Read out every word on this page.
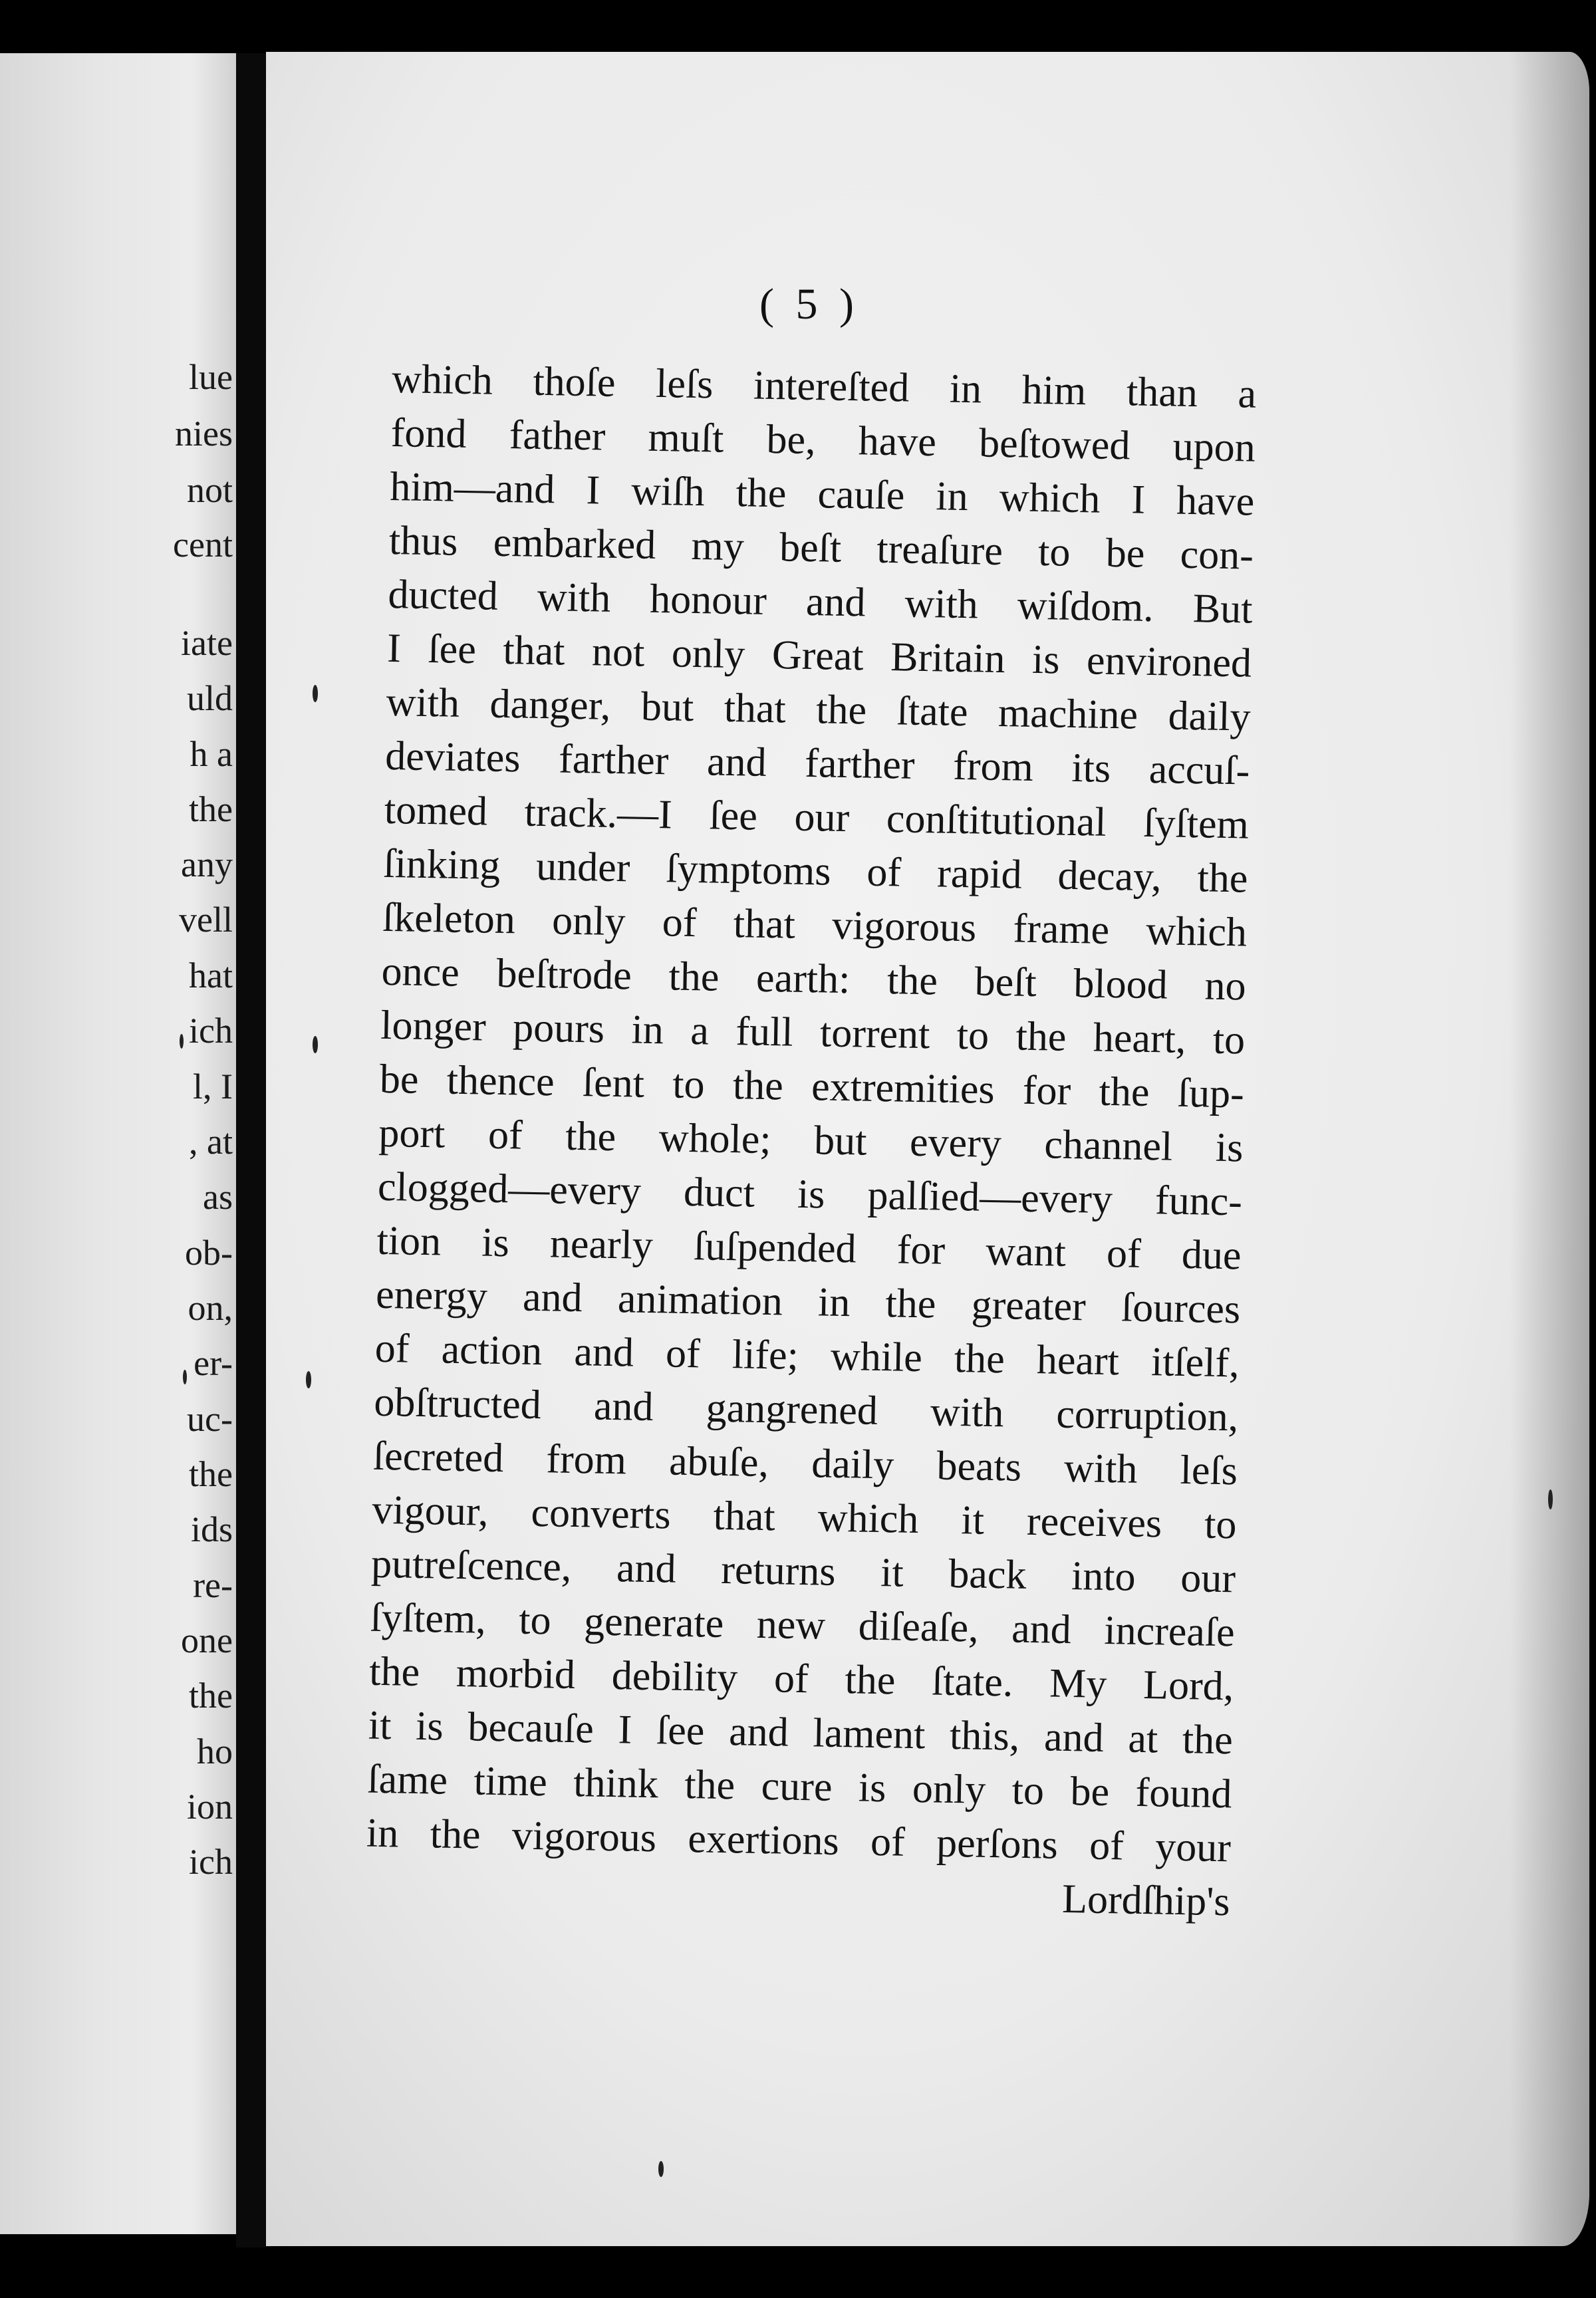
lue
nies
not
cent
iate
uld
h a
the
any
vell
hat
ich
l, I
, at
as
ob-
on,
er-
uc-
the
ids
re-
one
the
ho
ion
ich
( 5 )
which thoſe leſs intereſted in him than a
fond father muſt be, have beſtowed upon
him—and I wiſh the cauſe in which I have
thus embarked my beſt treaſure to be con-
ducted with honour and with wiſdom. But
I ſee that not only Great Britain is environed
with danger, but that the ſtate machine daily
deviates farther and farther from its accuſ-
tomed track.—I ſee our conſtitutional ſyſtem
ſinking under ſymptoms of rapid decay, the
ſkeleton only of that vigorous frame which
once beſtrode the earth: the beſt blood no
longer pours in a full torrent to the heart, to
be thence ſent to the extremities for the ſup-
port of the whole; but every channel is
clogged—every duct is palſied—every func-
tion is nearly ſuſpended for want of due
energy and animation in the greater ſources
of action and of life; while the heart itſelf,
obſtructed and gangrened with corruption,
ſecreted from abuſe, daily beats with leſs
vigour, converts that which it receives to
putreſcence, and returns it back into our
ſyſtem, to generate new diſeaſe, and increaſe
the morbid debility of the ſtate. My Lord,
it is becauſe I ſee and lament this, and at the
ſame time think the cure is only to be found
in the vigorous exertions of perſons of your
Lordſhip's
